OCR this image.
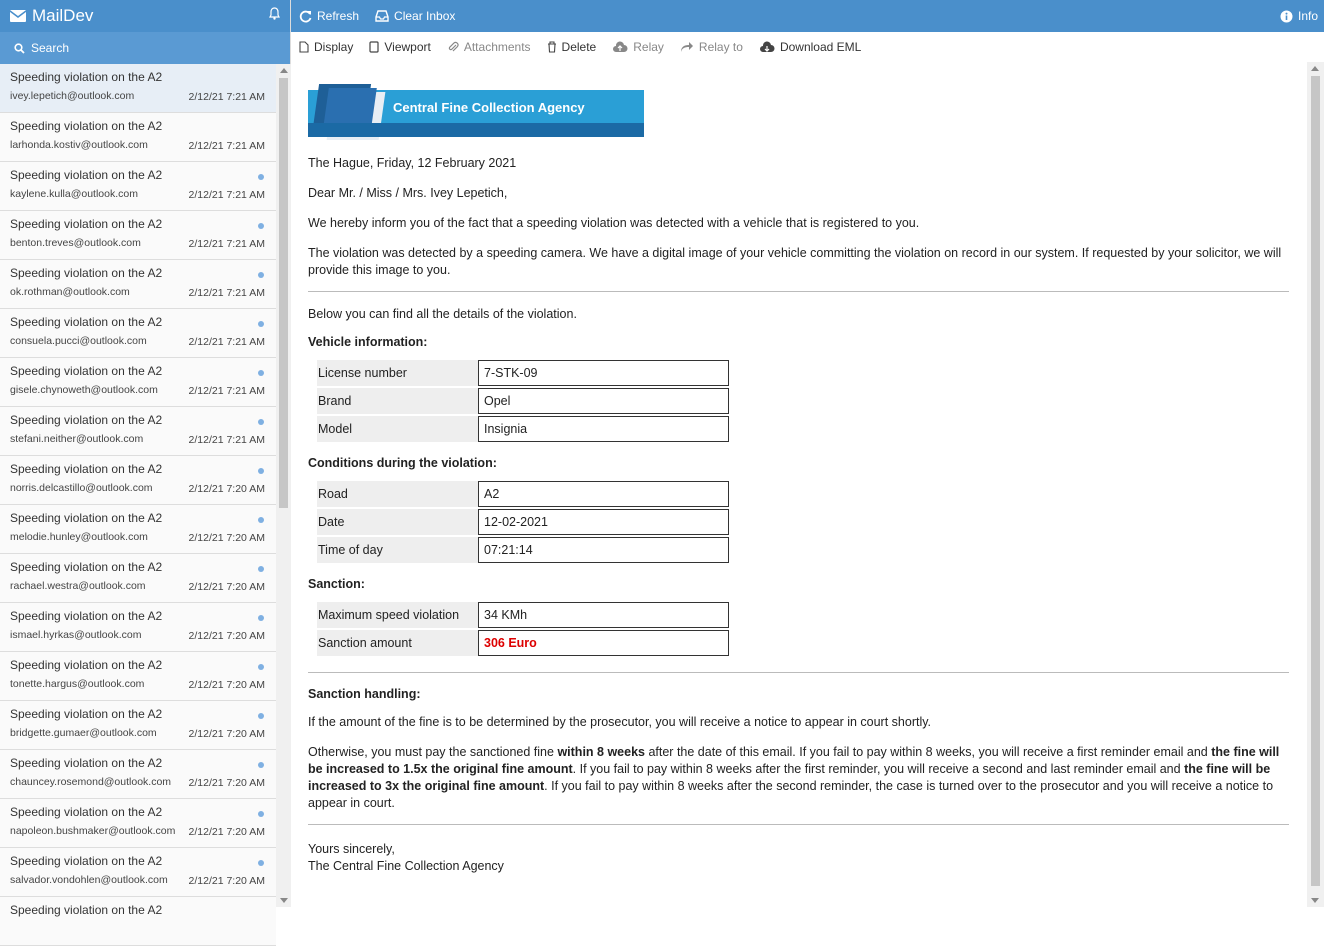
MailDev
Search
Speeding violation on the A2
ivey.lepetich@outlook.com	2/12/21 7:21 AM
Speeding violation on the A2
larhonda.kostiv@outlook.com	2/12/21 7:21 AM
Speeding violation on the A2
kaylene.kulla@outlook.com	2/12/21 7:21 AM
Speeding violation on the A2
benton.treves@outlook.com	2/12/21 7:21 AM
Speeding violation on the A2
ok.rothman@outlook.com	2/12/21 7:21 AM
Speeding violation on the A2
consuela.pucci@outlook.com	2/12/21 7:21 AM
Speeding violation on the A2
gisele.chynoweth@outlook.com	2/12/21 7:21 AM
Speeding violation on the A2
stefani.neither@outlook.com	2/12/21 7:21 AM
Speeding violation on the A2
norris.delcastillo@outlook.com	2/12/21 7:20 AM
Speeding violation on the A2
melodie.hunley@outlook.com	2/12/21 7:20 AM
Speeding violation on the A2
rachael.westra@outlook.com	2/12/21 7:20 AM
Speeding violation on the A2
ismael.hyrkas@outlook.com	2/12/21 7:20 AM
Speeding violation on the A2
tonette.hargus@outlook.com	2/12/21 7:20 AM
Speeding violation on the A2
bridgette.gumaer@outlook.com	2/12/21 7:20 AM
Speeding violation on the A2
chauncey.rosemond@outlook.com	2/12/21 7:20 AM
Speeding violation on the A2
napoleon.bushmaker@outlook.com	2/12/21 7:20 AM
Speeding violation on the A2
salvador.vondohlen@outlook.com	2/12/21 7:20 AM
Speeding violation on the A2
Refresh	Clear Inbox	Info
Display	Viewport	Attachments	Delete	Relay	Relay to	Download EML
Central Fine Collection Agency

The Hague, Friday, 12 February 2021

Dear Mr. / Miss / Mrs. Ivey Lepetich,

We hereby inform you of the fact that a speeding violation was detected with a vehicle that is registered to you.

The violation was detected by a speeding camera. We have a digital image of your vehicle committing the violation on record in our system. If requested by your solicitor, we will provide this image to you.

Below you can find all the details of the violation.

Vehicle information:
License number	7-STK-09
Brand	Opel
Model	Insignia
Conditions during the violation:
Road	A2
Date	12-02-2021
Time of day	07:21:14
Sanction:
Maximum speed violation	34 KMh
Sanction amount	306 Euro
Sanction handling:

If the amount of the fine is to be determined by the prosecutor, you will receive a notice to appear in court shortly.

Otherwise, you must pay the sanctioned fine within 8 weeks after the date of this email. If you fail to pay within 8 weeks, you will receive a first reminder email and the fine will be increased to 1.5x the original fine amount. If you fail to pay within 8 weeks after the first reminder, you will receive a second and last reminder email and the fine will be increased to 3x the original fine amount. If you fail to pay within 8 weeks after the second reminder, the case is turned over to the prosecutor and you will receive a notice to appear in court.

Yours sincerely,
The Central Fine Collection Agency
